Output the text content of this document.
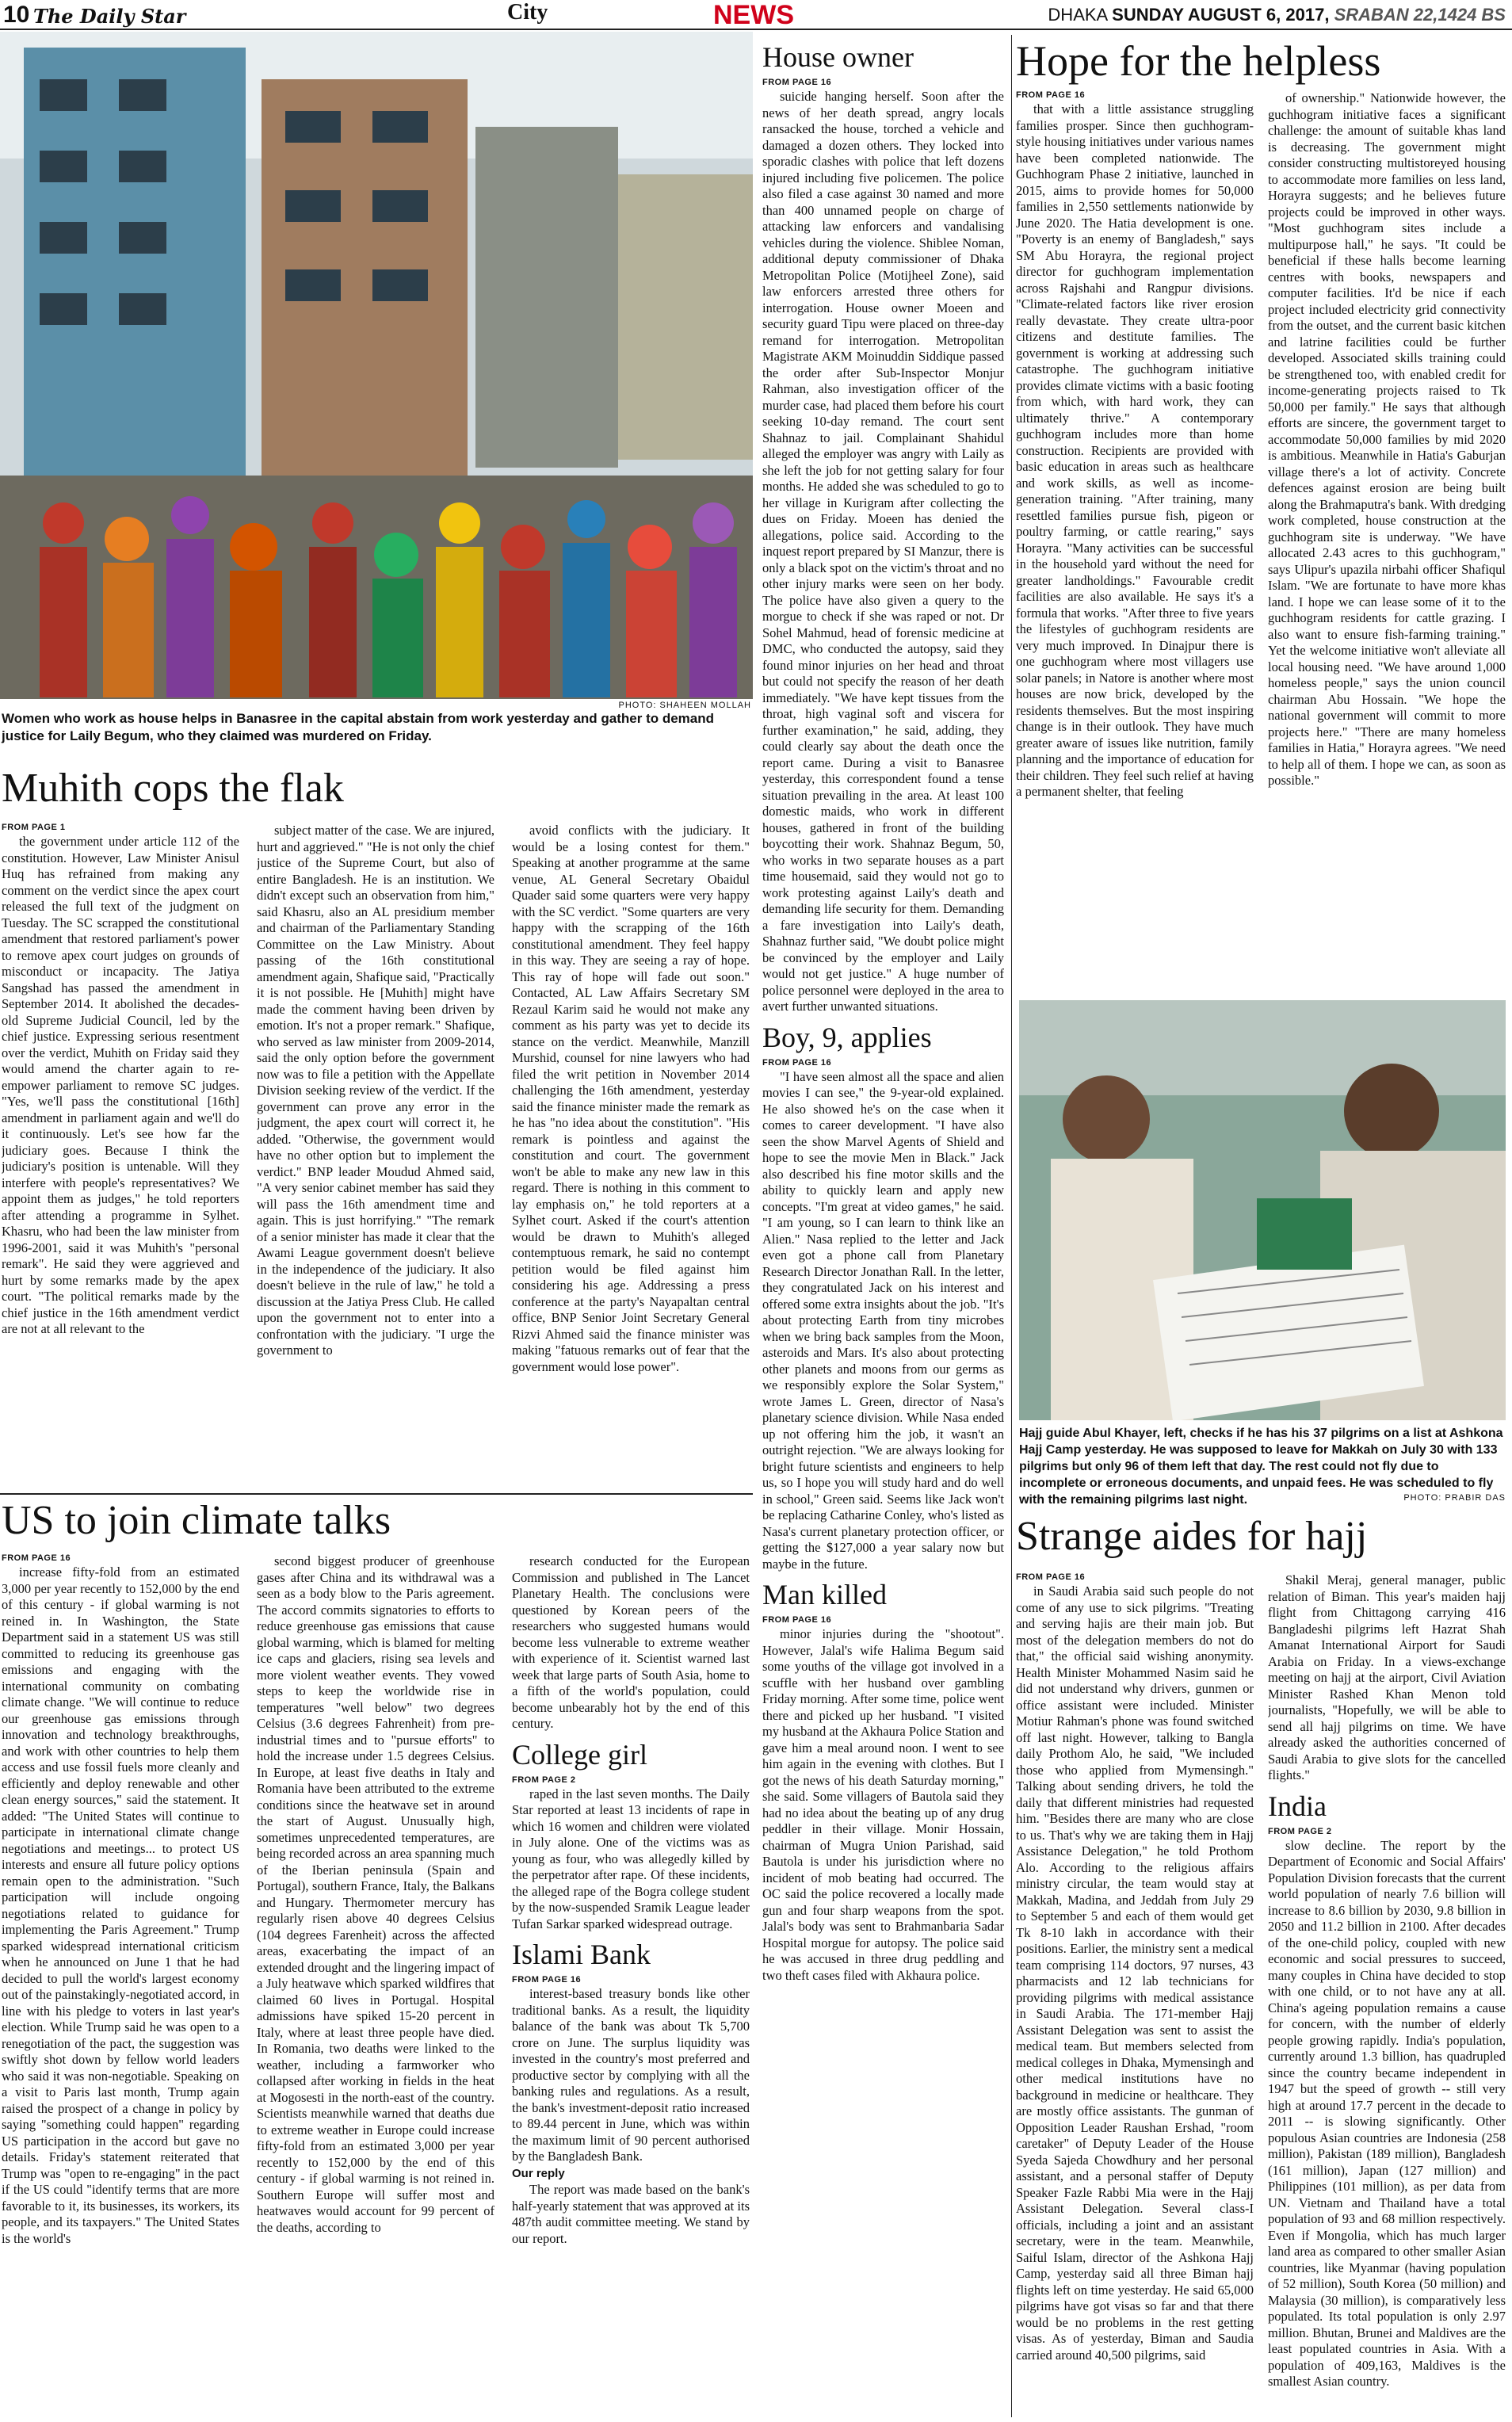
10 The Daily Star	City	NEWS	DHAKA SUNDAY AUGUST 6, 2017, SRABAN 22,1424 BS
PHOTO: SHAHEEN MOLLAH
Women who work as house helps in Banasree in the capital abstain from work yesterday and gather to demand justice for Laily Begum, who they claimed was murdered on Friday.
Muhith cops the flak
FROM PAGE 1

the government under article 112 of the constitution. However, Law Minister Anisul Huq has refrained from making any comment on the verdict since the apex court released the full text of the judgment on Tuesday. The SC scrapped the constitutional amendment that restored parliament's power to remove apex court judges on grounds of misconduct or incapacity. The Jatiya Sangshad has passed the amendment in September 2014. It abolished the decades-old Supreme Judicial Council, led by the chief justice. Expressing serious resentment over the verdict, Muhith on Friday said they would amend the charter again to re-empower parliament to remove SC judges. "Yes, we'll pass the constitutional [16th] amendment in parliament again and we'll do it continuously. Let's see how far the judiciary goes. Because I think the judiciary's position is untenable. Will they interfere with people's representatives? We appoint them as judges," he told reporters after attending a programme in Sylhet. Khasru, who had been the law minister from 1996-2001, said it was Muhith's "personal remark". He said they were aggrieved and hurt by some remarks made by the apex court. "The political remarks made by the chief justice in the 16th amendment verdict are not at all relevant to the

subject matter of the case. We are injured, hurt and aggrieved." "He is not only the chief justice of the Supreme Court, but also of entire Bangladesh. He is an institution. We didn't except such an observation from him," said Khasru, also an AL presidium member and chairman of the Parliamentary Standing Committee on the Law Ministry. About passing of the 16th constitutional amendment again, Shafique said, "Practically it is not possible. He [Muhith] might have made the comment having been driven by emotion. It's not a proper remark." Shafique, who served as law minister from 2009-2014, said the only option before the government now was to file a petition with the Appellate Division seeking review of the verdict. If the government can prove any error in the judgment, the apex court will correct it, he added. "Otherwise, the government would have no other option but to implement the verdict." BNP leader Moudud Ahmed said, "A very senior cabinet member has said they will pass the 16th amendment time and again. This is just horrifying." "The remark of a senior minister has made it clear that the Awami League government doesn't believe in the independence of the judiciary. It also doesn't believe in the rule of law," he told a discussion at the Jatiya Press Club. He called upon the government not to enter into a confrontation with the judiciary. "I urge the government to

avoid conflicts with the judiciary. It would be a losing contest for them." Speaking at another programme at the same venue, AL General Secretary Obaidul Quader said some quarters were very happy with the SC verdict. "Some quarters are very happy with the scrapping of the 16th constitutional amendment. They feel happy in this way. They are seeing a ray of hope. This ray of hope will fade out soon." Contacted, AL Law Affairs Secretary SM Rezaul Karim said he would not make any comment as his party was yet to decide its stance on the verdict. Meanwhile, Manzill Murshid, counsel for nine lawyers who had filed the writ petition in November 2014 challenging the 16th amendment, yesterday said the finance minister made the remark as he has "no idea about the constitution". "His remark is pointless and against the constitution and court. The government won't be able to make any new law in this regard. There is nothing in this comment to lay emphasis on," he told reporters at a Sylhet court. Asked if the court's attention would be drawn to Muhith's alleged contemptuous remark, he said no contempt petition would be filed against him considering his age. Addressing a press conference at the party's Nayapaltan central office, BNP Senior Joint Secretary General Rizvi Ahmed said the finance minister was making "fatuous remarks out of fear that the government would lose power".

US to join climate talks
FROM PAGE 16

increase fifty-fold from an estimated 3,000 per year recently to 152,000 by the end of this century - if global warming is not reined in. In Washington, the State Department said in a statement US was still committed to reducing its greenhouse gas emissions and engaging with the international community on combating climate change. "We will continue to reduce our greenhouse gas emissions through innovation and technology breakthroughs, and work with other countries to help them access and use fossil fuels more cleanly and efficiently and deploy renewable and other clean energy sources," said the statement. It added: "The United States will continue to participate in international climate change negotiations and meetings... to protect US interests and ensure all future policy options remain open to the administration. "Such participation will include ongoing negotiations related to guidance for implementing the Paris Agreement." Trump sparked widespread international criticism when he announced on June 1 that he had decided to pull the world's largest economy out of the painstakingly-negotiated accord, in line with his pledge to voters in last year's election. While Trump said he was open to a renegotiation of the pact, the suggestion was swiftly shot down by fellow world leaders who said it was non-negotiable. Speaking on a visit to Paris last month, Trump again raised the prospect of a change in policy by saying "something could happen" regarding US participation in the accord but gave no details. Friday's statement reiterated that Trump was "open to re-engaging" in the pact if the US could "identify terms that are more favorable to it, its businesses, its workers, its people, and its taxpayers." The United States is the world's

second biggest producer of greenhouse gases after China and its withdrawal was a seen as a body blow to the Paris agreement. The accord commits signatories to efforts to reduce greenhouse gas emissions that cause global warming, which is blamed for melting ice caps and glaciers, rising sea levels and more violent weather events. They vowed steps to keep the worldwide rise in temperatures "well below" two degrees Celsius (3.6 degrees Fahrenheit) from pre-industrial times and to "pursue efforts" to hold the increase under 1.5 degrees Celsius. In Europe, at least five deaths in Italy and Romania have been attributed to the extreme conditions since the heatwave set in around the start of August. Unusually high, sometimes unprecedented temperatures, are being recorded across an area spanning much of the Iberian peninsula (Spain and Portugal), southern France, Italy, the Balkans and Hungary. Thermometer mercury has regularly risen above 40 degrees Celsius (104 degrees Farenheit) across the affected areas, exacerbating the impact of an extended drought and the lingering impact of a July heatwave which sparked wildfires that claimed 60 lives in Portugal. Hospital admissions have spiked 15-20 percent in Italy, where at least three people have died. In Romania, two deaths were linked to the weather, including a farmworker who collapsed after working in fields in the heat at Mogosesti in the north-east of the country. Scientists meanwhile warned that deaths due to extreme weather in Europe could increase fifty-fold from an estimated 3,000 per year recently to 152,000 by the end of this century - if global warming is not reined in. Southern Europe will suffer most and heatwaves would account for 99 percent of the deaths, according to

research conducted for the European Commission and published in The Lancet Planetary Health. The conclusions were questioned by Korean peers of the researchers who suggested humans would become less vulnerable to extreme weather with experience of it. Scientist warned last week that large parts of South Asia, home to a fifth of the world's population, could become unbearably hot by the end of this century.

College girl
FROM PAGE 2

raped in the last seven months. The Daily Star reported at least 13 incidents of rape in which 16 women and children were violated in July alone. One of the victims was as young as four, who was allegedly killed by the perpetrator after rape. Of these incidents, the alleged rape of the Bogra college student by the now-suspended Sramik League leader Tufan Sarkar sparked widespread outrage.

Islami Bank
FROM PAGE 16

interest-based treasury bonds like other traditional banks. As a result, the liquidity balance of the bank was about Tk 5,700 crore on June. The surplus liquidity was invested in the country's most preferred and productive sector by complying with all the banking rules and regulations. As a result, the bank's investment-deposit ratio increased to 89.44 percent in June, which was within the maximum limit of 90 percent authorised by the Bangladesh Bank.

Our reply

The report was made based on the bank's half-yearly statement that was approved at its 487th audit committee meeting. We stand by our report.

House owner
FROM PAGE 16

suicide hanging herself. Soon after the news of her death spread, angry locals ransacked the house, torched a vehicle and damaged a dozen others. They locked into sporadic clashes with police that left dozens injured including five policemen. The police also filed a case against 30 named and more than 400 unnamed people on charge of attacking law enforcers and vandalising vehicles during the violence. Shiblee Noman, additional deputy commissioner of Dhaka Metropolitan Police (Motijheel Zone), said law enforcers arrested three others for interrogation. House owner Moeen and security guard Tipu were placed on three-day remand for interrogation. Metropolitan Magistrate AKM Moinuddin Siddique passed the order after Sub-Inspector Monjur Rahman, also investigation officer of the murder case, had placed them before his court seeking 10-day remand. The court sent Shahnaz to jail. Complainant Shahidul alleged the employer was angry with Laily as she left the job for not getting salary for four months. He added she was scheduled to go to her village in Kurigram after collecting the dues on Friday. Moeen has denied the allegations, police said. According to the inquest report prepared by SI Manzur, there is only a black spot on the victim's throat and no other injury marks were seen on her body. The police have also given a query to the morgue to check if she was raped or not. Dr Sohel Mahmud, head of forensic medicine at DMC, who conducted the autopsy, said they found minor injuries on her head and throat but could not specify the reason of her death immediately. "We have kept tissues from the throat, high vaginal soft and viscera for further examination," he said, adding, they could clearly say about the death once the report came. During a visit to Banasree yesterday, this correspondent found a tense situation prevailing in the area. At least 100 domestic maids, who work in different houses, gathered in front of the building boycotting their work. Shahnaz Begum, 50, who works in two separate houses as a part time housemaid, said they would not go to work protesting against Laily's death and demanding life security for them. Demanding a fare investigation into Laily's death, Shahnaz further said, "We doubt police might be convinced by the employer and Laily would not get justice." A huge number of police personnel were deployed in the area to avert further unwanted situations.

Boy, 9, applies
FROM PAGE 16

"I have seen almost all the space and alien movies I can see," the 9-year-old explained. He also showed he's on the case when it comes to career development. "I have also seen the show Marvel Agents of Shield and hope to see the movie Men in Black." Jack also described his fine motor skills and the ability to quickly learn and apply new concepts. "I'm great at video games," he said. "I am young, so I can learn to think like an Alien." Nasa replied to the letter and Jack even got a phone call from Planetary Research Director Jonathan Rall. In the letter, they congratulated Jack on his interest and offered some extra insights about the job. "It's about protecting Earth from tiny microbes when we bring back samples from the Moon, asteroids and Mars. It's also about protecting other planets and moons from our germs as we responsibly explore the Solar System," wrote James L. Green, director of Nasa's planetary science division. While Nasa ended up not offering him the job, it wasn't an outright rejection. "We are always looking for bright future scientists and engineers to help us, so I hope you will study hard and do well in school," Green said. Seems like Jack won't be replacing Catharine Conley, who's listed as Nasa's current planetary protection officer, or getting the $127,000 a year salary now but maybe in the future.

Man killed
FROM PAGE 16

minor injuries during the "shootout". However, Jalal's wife Halima Begum said some youths of the village got involved in a scuffle with her husband over gambling Friday morning. After some time, police went there and picked up her husband. "I visited my husband at the Akhaura Police Station and gave him a meal around noon. I went to see him again in the evening with clothes. But I got the news of his death Saturday morning," she said. Some villagers of Bautola said they had no idea about the beating up of any drug peddler in their village. Monir Hossain, chairman of Mugra Union Parishad, said Bautola is under his jurisdiction where no incident of mob beating had occurred. The OC said the police recovered a locally made gun and four sharp weapons from the spot. Jalal's body was sent to Brahmanbaria Sadar Hospital morgue for autopsy. The police said he was accused in three drug peddling and two theft cases filed with Akhaura police.

Hope for the helpless
FROM PAGE 16

that with a little assistance struggling families prosper. Since then guchhogram-style housing initiatives under various names have been completed nationwide. The Guchhogram Phase 2 initiative, launched in 2015, aims to provide homes for 50,000 families in 2,550 settlements nationwide by June 2020. The Hatia development is one. "Poverty is an enemy of Bangladesh," says SM Abu Horayra, the regional project director for guchhogram implementation across Rajshahi and Rangpur divisions. "Climate-related factors like river erosion really devastate. They create ultra-poor citizens and destitute families. The government is working at addressing such catastrophe. The guchhogram initiative provides climate victims with a basic footing from which, with hard work, they can ultimately thrive." A contemporary guchhogram includes more than home construction. Recipients are provided with basic education in areas such as healthcare and work skills, as well as income-generation training. "After training, many resettled families pursue fish, pigeon or poultry farming, or cattle rearing," says Horayra. "Many activities can be successful in the household yard without the need for greater landholdings." Favourable credit facilities are also available. He says it's a formula that works. "After three to five years the lifestyles of guchhogram residents are very much improved. In Dinajpur there is one guchhogram where most villagers use solar panels; in Natore is another where most houses are now brick, developed by the residents themselves. But the most inspiring change is in their outlook. They have much greater aware of issues like nutrition, family planning and the importance of education for their children. They feel such relief at having a permanent shelter, that feeling

of ownership." Nationwide however, the guchhogram initiative faces a significant challenge: the amount of suitable khas land is decreasing. The government might consider constructing multistoreyed housing to accommodate more families on less land, Horayra suggests; and he believes future projects could be improved in other ways. "Most guchhogram sites include a multipurpose hall," he says. "It could be beneficial if these halls become learning centres with books, newspapers and computer facilities. It'd be nice if each project included electricity grid connectivity from the outset, and the current basic kitchen and latrine facilities could be further developed. Associated skills training could be strengthened too, with enabled credit for income-generating projects raised to Tk 50,000 per family." He says that although efforts are sincere, the government target to accommodate 50,000 families by mid 2020 is ambitious. Meanwhile in Hatia's Gaburjan village there's a lot of activity. Concrete defences against erosion are being built along the Brahmaputra's bank. With dredging work completed, house construction at the guchhogram site is underway. "We have allocated 2.43 acres to this guchhogram," says Ulipur's upazila nirbahi officer Shafiqul Islam. "We are fortunate to have more khas land. I hope we can lease some of it to the guchhogram residents for cattle grazing. I also want to ensure fish-farming training." Yet the welcome initiative won't alleviate all local housing need. "We have around 1,000 homeless people," says the union council chairman Abu Hossain. "We hope the national government will commit to more projects here." "There are many homeless families in Hatia," Horayra agrees. "We need to help all of them. I hope we can, as soon as possible."

Hajj guide Abul Khayer, left, checks if he has his 37 pilgrims on a list at Ashkona Hajj Camp yesterday. He was supposed to leave for Makkah on July 30 with 133 pilgrims but only 96 of them left that day. The rest could not fly due to incomplete or erroneous documents, and unpaid fees. He was scheduled to fly with the remaining pilgrims last night.	PHOTO: PRABIR DAS
Strange aides for hajj
FROM PAGE 16

in Saudi Arabia said such people do not come of any use to sick pilgrims. "Treating and serving hajis are their main job. But most of the delegation members do not do that," the official said wishing anonymity. Health Minister Mohammed Nasim said he did not understand why drivers, gunmen or office assistant were included. Minister Motiur Rahman's phone was found switched off last night. However, talking to Bangla daily Prothom Alo, he said, "We included those who applied from Mymensingh." Talking about sending drivers, he told the daily that different ministries had requested him. "Besides there are many who are close to us. That's why we are taking them in Hajj Assistance Delegation," he told Prothom Alo. According to the religious affairs ministry circular, the team would stay at Makkah, Madina, and Jeddah from July 29 to September 5 and each of them would get Tk 8-10 lakh in accordance with their positions. Earlier, the ministry sent a medical team comprising 114 doctors, 97 nurses, 43 pharmacists and 12 lab technicians for providing pilgrims with medical assistance in Saudi Arabia. The 171-member Hajj Assistant Delegation was sent to assist the medical team. But members selected from medical colleges in Dhaka, Mymensingh and other medical institutions have no background in medicine or healthcare. They are mostly office assistants. The gunman of Opposition Leader Raushan Ershad, "room caretaker" of Deputy Leader of the House Syeda Sajeda Chowdhury and her personal assistant, and a personal staffer of Deputy Speaker Fazle Rabbi Mia were in the Hajj Assistant Delegation. Several class-I officials, including a joint and an assistant secretary, were in the team. Meanwhile, Saiful Islam, director of the Ashkona Hajj Camp, yesterday said all three Biman hajj flights left on time yesterday. He said 65,000 pilgrims have got visas so far and that there would be no problems in the rest getting visas. As of yesterday, Biman and Saudia carried around 40,500 pilgrims, said

Shakil Meraj, general manager, public relation of Biman. This year's maiden hajj flight from Chittagong carrying 416 Bangladeshi pilgrims left Hazrat Shah Amanat International Airport for Saudi Arabia on Friday. In a views-exchange meeting on hajj at the airport, Civil Aviation Minister Rashed Khan Menon told journalists, "Hopefully, we will be able to send all hajj pilgrims on time. We have already asked the authorities concerned of Saudi Arabia to give slots for the cancelled flights."

India
FROM PAGE 2

slow decline. The report by the Department of Economic and Social Affairs' Population Division forecasts that the current world population of nearly 7.6 billion will increase to 8.6 billion by 2030, 9.8 billion in 2050 and 11.2 billion in 2100. After decades of the one-child policy, coupled with new economic and social pressures to succeed, many couples in China have decided to stop with one child, or to not have any at all. China's ageing population remains a cause for concern, with the number of elderly people growing rapidly. India's population, currently around 1.3 billion, has quadrupled since the country became independent in 1947 but the speed of growth -- still very high at around 17.7 percent in the decade to 2011 -- is slowing significantly. Other populous Asian countries are Indonesia (258 million), Pakistan (189 million), Bangladesh (161 million), Japan (127 million) and Philippines (101 million), as per data from UN. Vietnam and Thailand have a total population of 93 and 68 million respectively. Even if Mongolia, which has much larger land area as compared to other smaller Asian countries, like Myanmar (having population of 52 million), South Korea (50 million) and Malaysia (30 million), is comparatively less populated. Its total population is only 2.97 million. Bhutan, Brunei and Maldives are the least populated countries in Asia. With a population of 409,163, Maldives is the smallest Asian country.
